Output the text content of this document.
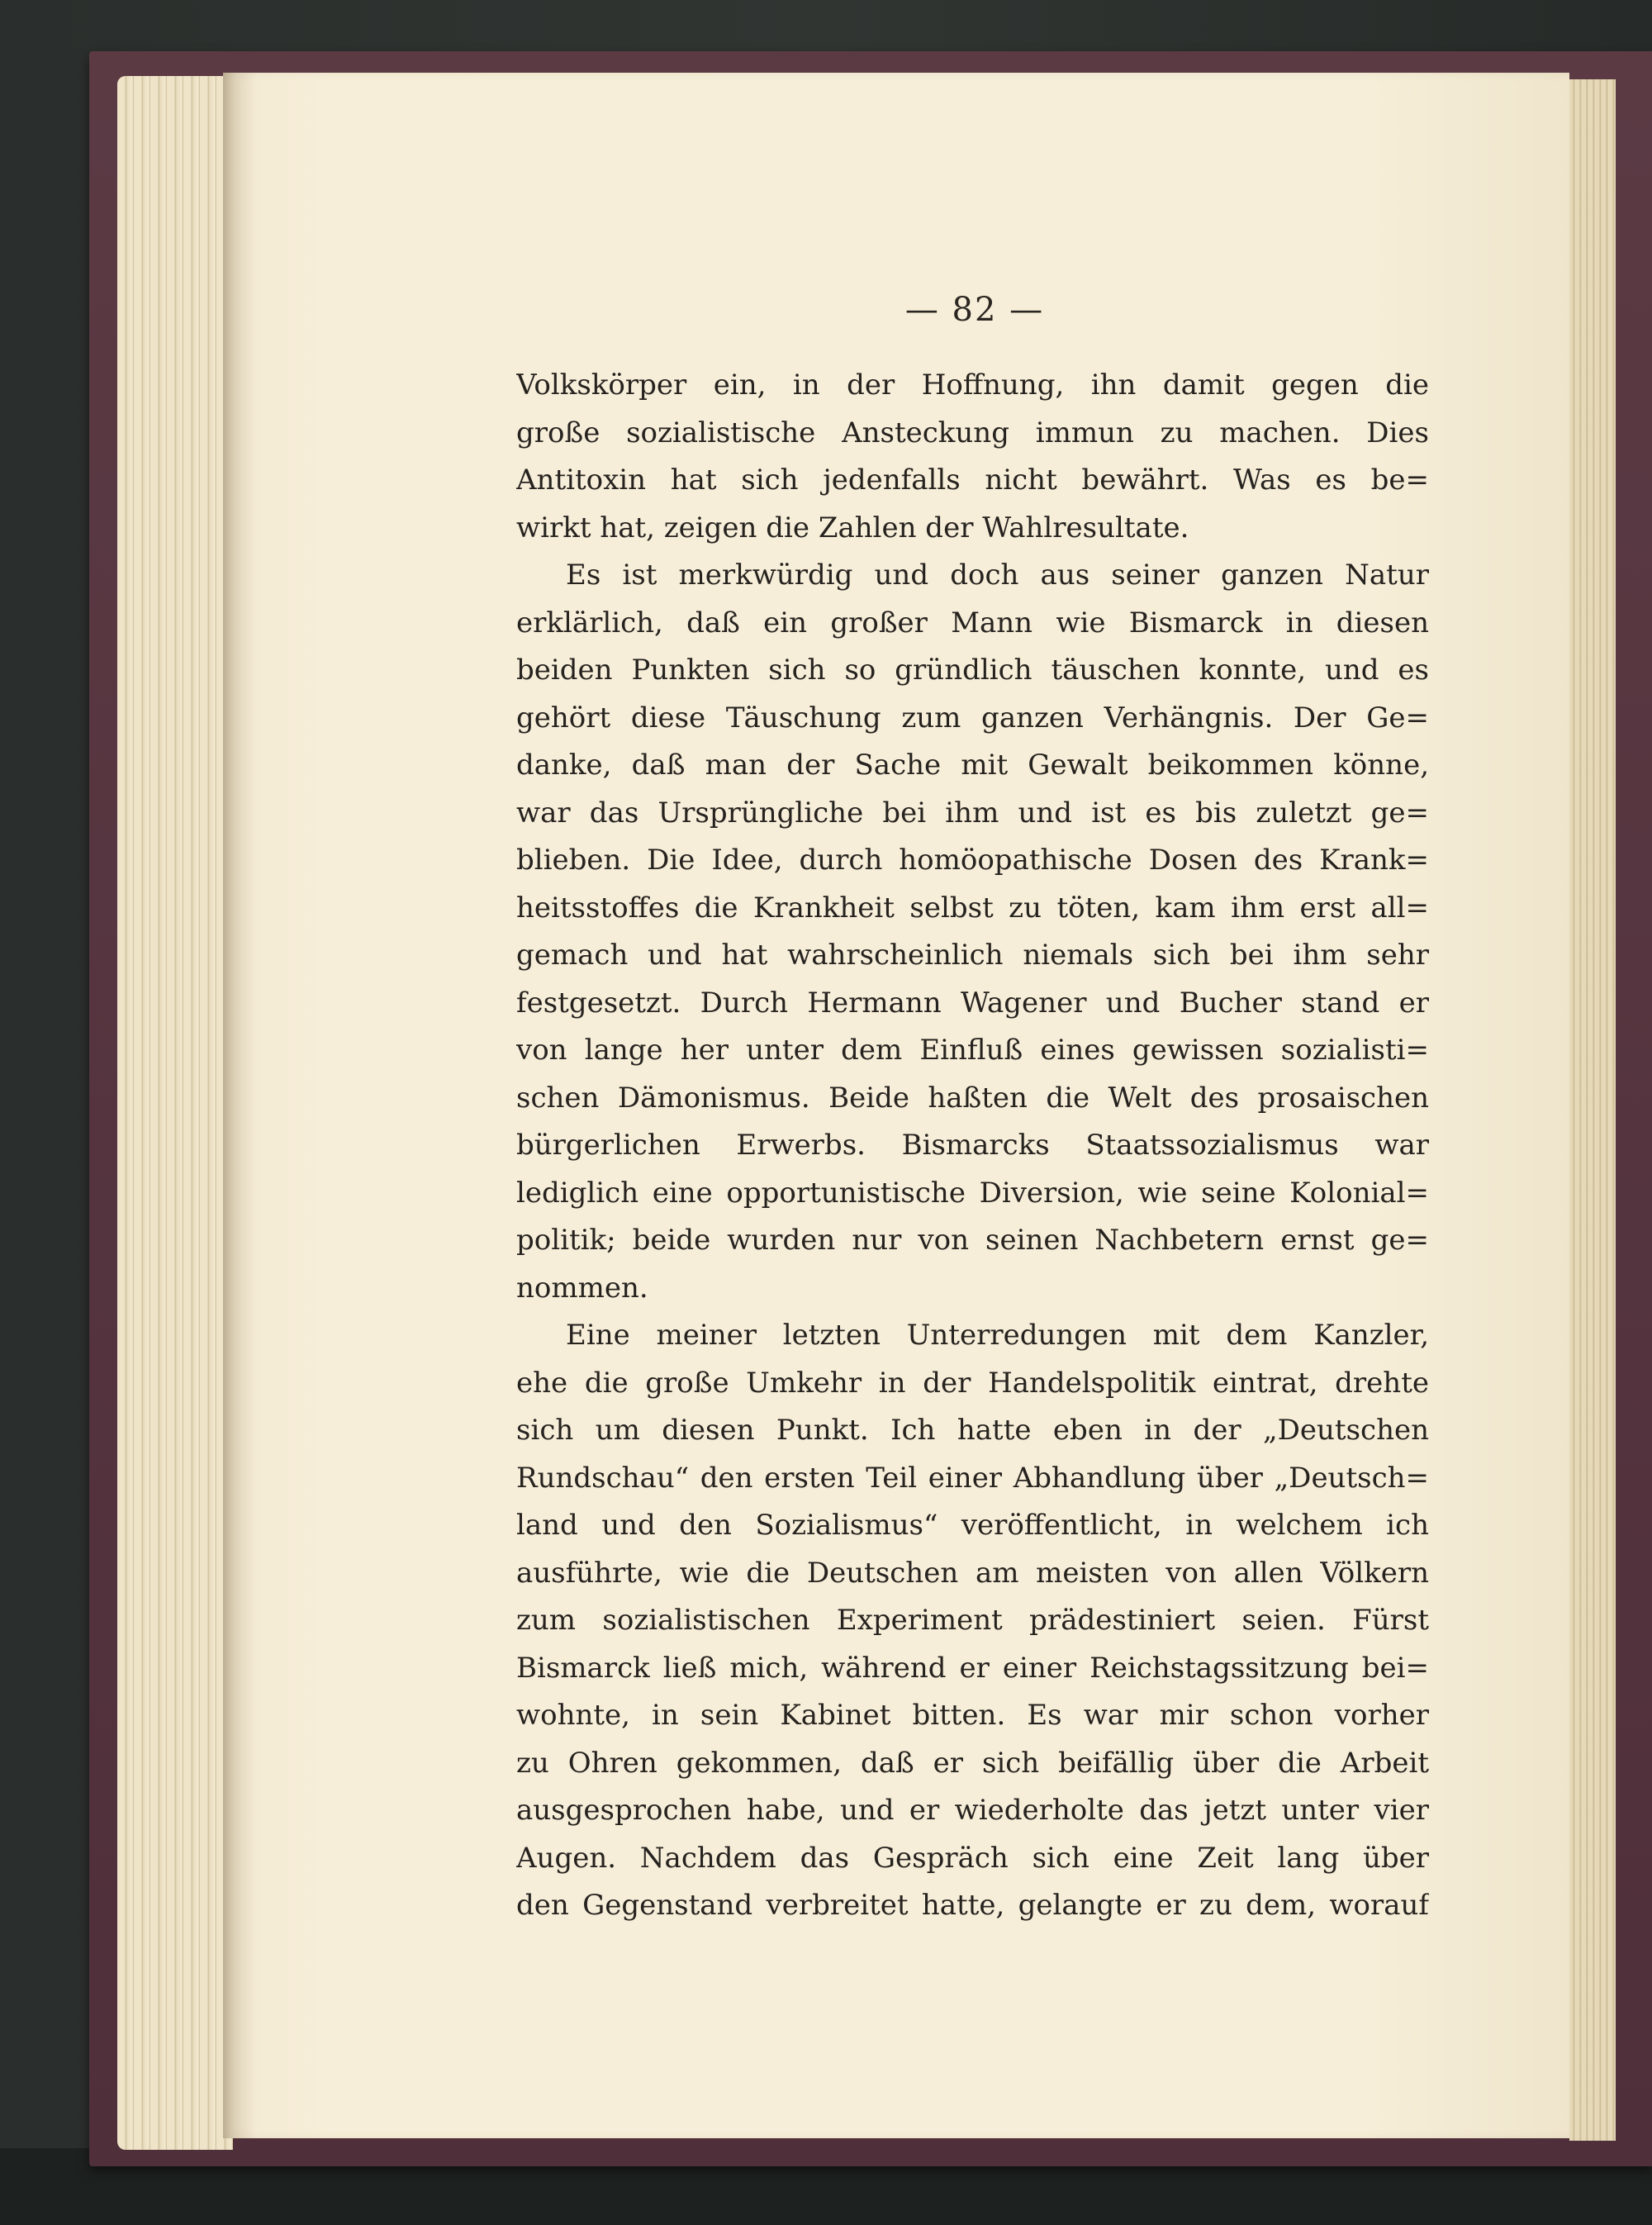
— 82 —
Volkskörper ein, in der Hoffnung, ihn damit gegen die
große sozialistische Ansteckung immun zu machen. Dies
Antitoxin hat sich jedenfalls nicht bewährt. Was es be=
wirkt hat, zeigen die Zahlen der Wahlresultate.
Es ist merkwürdig und doch aus seiner ganzen Natur
erklärlich, daß ein großer Mann wie Bismarck in diesen
beiden Punkten sich so gründlich täuschen konnte, und es
gehört diese Täuschung zum ganzen Verhängnis. Der Ge=
danke, daß man der Sache mit Gewalt beikommen könne,
war das Ursprüngliche bei ihm und ist es bis zuletzt ge=
blieben. Die Idee, durch homöopathische Dosen des Krank=
heitsstoffes die Krankheit selbst zu töten, kam ihm erst all=
gemach und hat wahrscheinlich niemals sich bei ihm sehr
festgesetzt. Durch Hermann Wagener und Bucher stand er
von lange her unter dem Einfluß eines gewissen sozialisti=
schen Dämonismus. Beide haßten die Welt des prosaischen
bürgerlichen Erwerbs. Bismarcks Staatssozialismus war
lediglich eine opportunistische Diversion, wie seine Kolonial=
politik; beide wurden nur von seinen Nachbetern ernst ge=
nommen.
Eine meiner letzten Unterredungen mit dem Kanzler,
ehe die große Umkehr in der Handelspolitik eintrat, drehte
sich um diesen Punkt. Ich hatte eben in der „Deutschen
Rundschau“ den ersten Teil einer Abhandlung über „Deutsch=
land und den Sozialismus“ veröffentlicht, in welchem ich
ausführte, wie die Deutschen am meisten von allen Völkern
zum sozialistischen Experiment prädestiniert seien. Fürst
Bismarck ließ mich, während er einer Reichstagssitzung bei=
wohnte, in sein Kabinet bitten. Es war mir schon vorher
zu Ohren gekommen, daß er sich beifällig über die Arbeit
ausgesprochen habe, und er wiederholte das jetzt unter vier
Augen. Nachdem das Gespräch sich eine Zeit lang über
den Gegenstand verbreitet hatte, gelangte er zu dem, worauf
